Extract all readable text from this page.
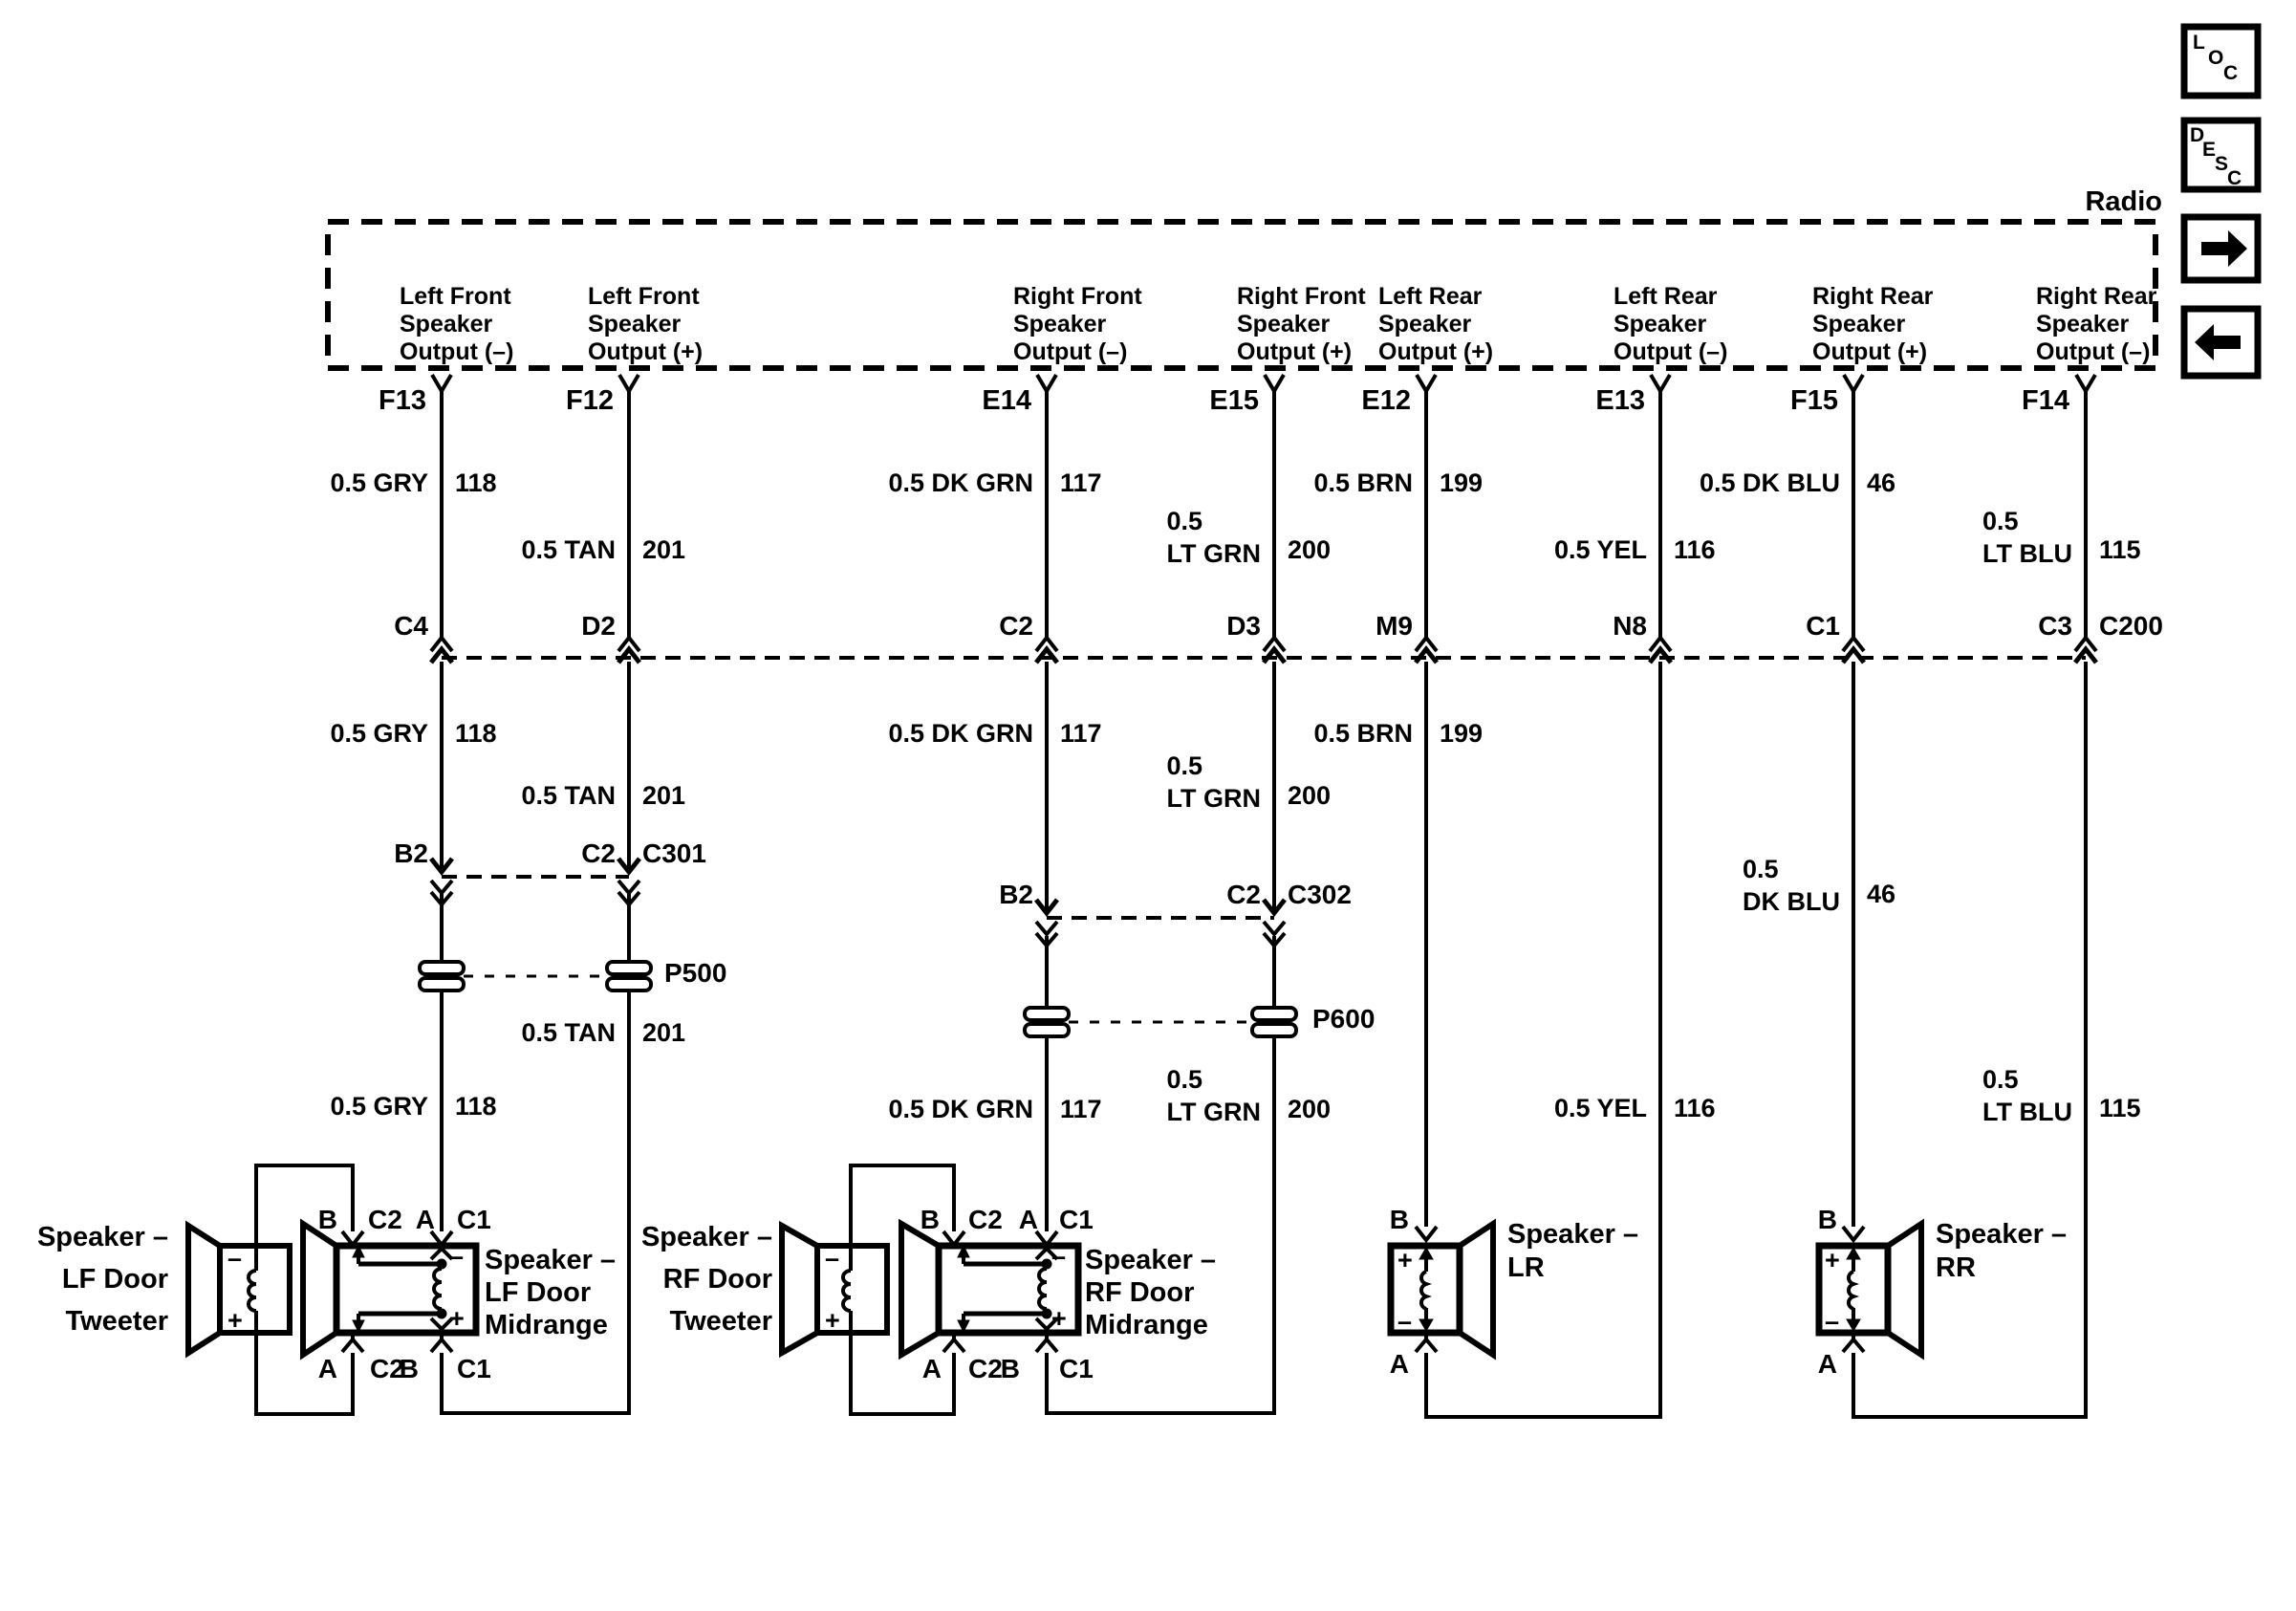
Radio
L
O
C
D
E
S
C
Left Front
Speaker
Output (–)
Left Front
Speaker
Output (+)
Right Front
Speaker
Output (–)
Right Front
Speaker
Output (+)
Left Rear
Speaker
Output (+)
Left Rear
Speaker
Output (–)
Right Rear
Speaker
Output (+)
Right Rear
Speaker
Output (–)
F13	F12	E14	E15	E12	E13	F15	F14
0.5 GRY 118
0.5 TAN 201
0.5 DK GRN 117
0.5
LT GRN 200
0.5 BRN 199
0.5 YEL 116
0.5 DK BLU 46
0.5
LT BLU 115
C4	D2	C2	D3	M9	N8	C1	C3 C200
0.5 GRY 118
0.5 TAN 201
0.5 DK GRN 117
0.5
LT GRN 200
0.5 BRN 199
0.5
DK BLU 46
B2	C2 C301
B2	C2 C302
P500
P600
0.5 TAN 201
0.5 GRY 118	0.5 DK GRN 117
0.5
LT GRN 200	0.5 YEL 116
0.5
LT BLU 115
Speaker –
LF Door
Tweeter
Speaker –
LF Door
Midrange
Speaker –
RF Door
Tweeter
Speaker –
RF Door
Midrange
Speaker –
LR
Speaker –
RR
B C2 A C1
A C2
B C1
B C2 A C1
A C2
B C1
B
A
B
A
–
+
–
+
–
+
–
+
+
–
+
–
